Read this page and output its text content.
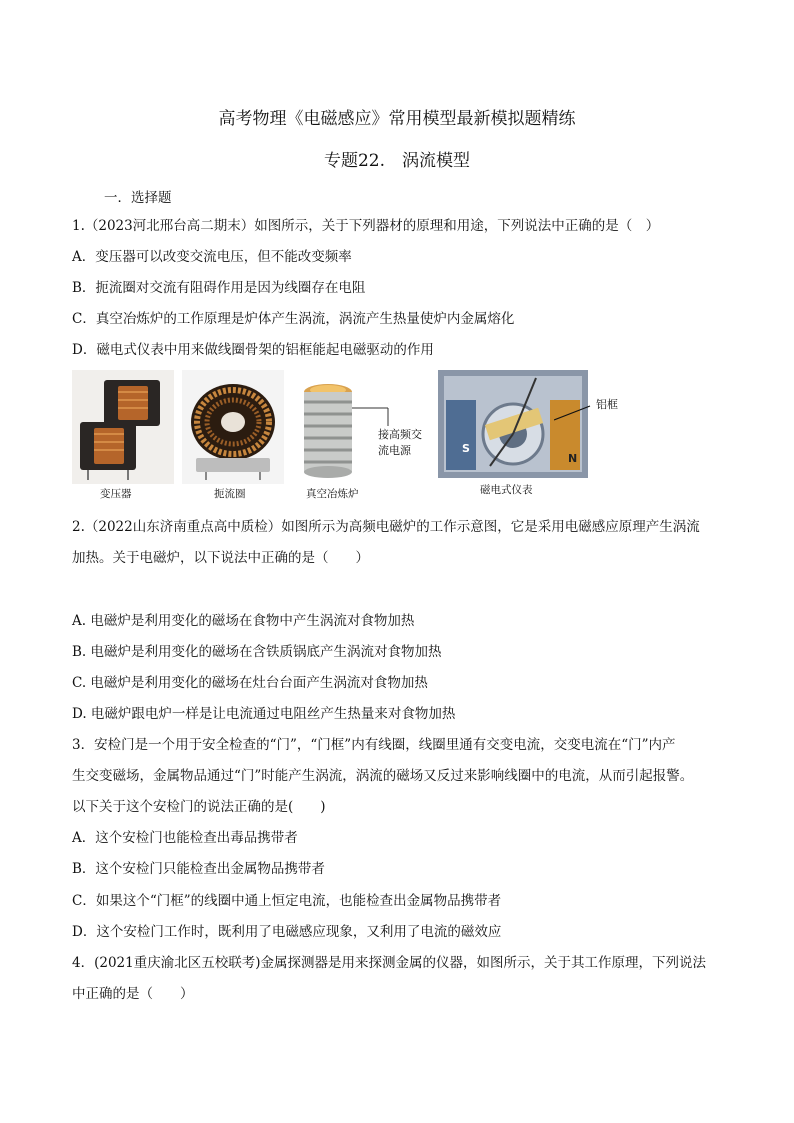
高考物理《电磁感应》常用模型最新模拟题精练
专题22.　涡流模型
一．选择题
1.（2023河北邢台高二期末）如图所示，关于下列器材的原理和用途，下列说法中正确的是（　）
A．变压器可以改变交流电压，但不能改变频率
B．扼流圈对交流有阻碍作用是因为线圈存在电阻
C．真空冶炼炉的工作原理是炉体产生涡流，涡流产生热量使炉内金属熔化
D．磁电式仪表中用来做线圈骨架的铝框能起电磁驱动的作用
变压器	扼流圈
接高频交
流电源
真空冶炼炉
S
N
铝框
磁电式仪表
2.（2022山东济南重点高中质检）如图所示为高频电磁炉的工作示意图，它是采用电磁感应原理产生涡流
加热。关于电磁炉，以下说法中正确的是（　　）
A. 电磁炉是利用变化的磁场在食物中产生涡流对食物加热
B. 电磁炉是利用变化的磁场在含铁质锅底产生涡流对食物加热
C. 电磁炉是利用变化的磁场在灶台台面产生涡流对食物加热
D. 电磁炉跟电炉一样是让电流通过电阻丝产生热量来对食物加热
3．安检门是一个用于安全检查的“门”，“门框”内有线圈，线圈里通有交变电流，交变电流在“门”内产
生交变磁场，金属物品通过“门”时能产生涡流，涡流的磁场又反过来影响线圈中的电流，从而引起报警。
以下关于这个安检门的说法正确的是(　　)
A．这个安检门也能检查出毒品携带者
B．这个安检门只能检查出金属物品携带者
C．如果这个“门框”的线圈中通上恒定电流，也能检查出金属物品携带者
D．这个安检门工作时，既利用了电磁感应现象，又利用了电流的磁效应
4．(2021重庆渝北区五校联考)金属探测器是用来探测金属的仪器，如图所示，关于其工作原理，下列说法
中正确的是（　　）
